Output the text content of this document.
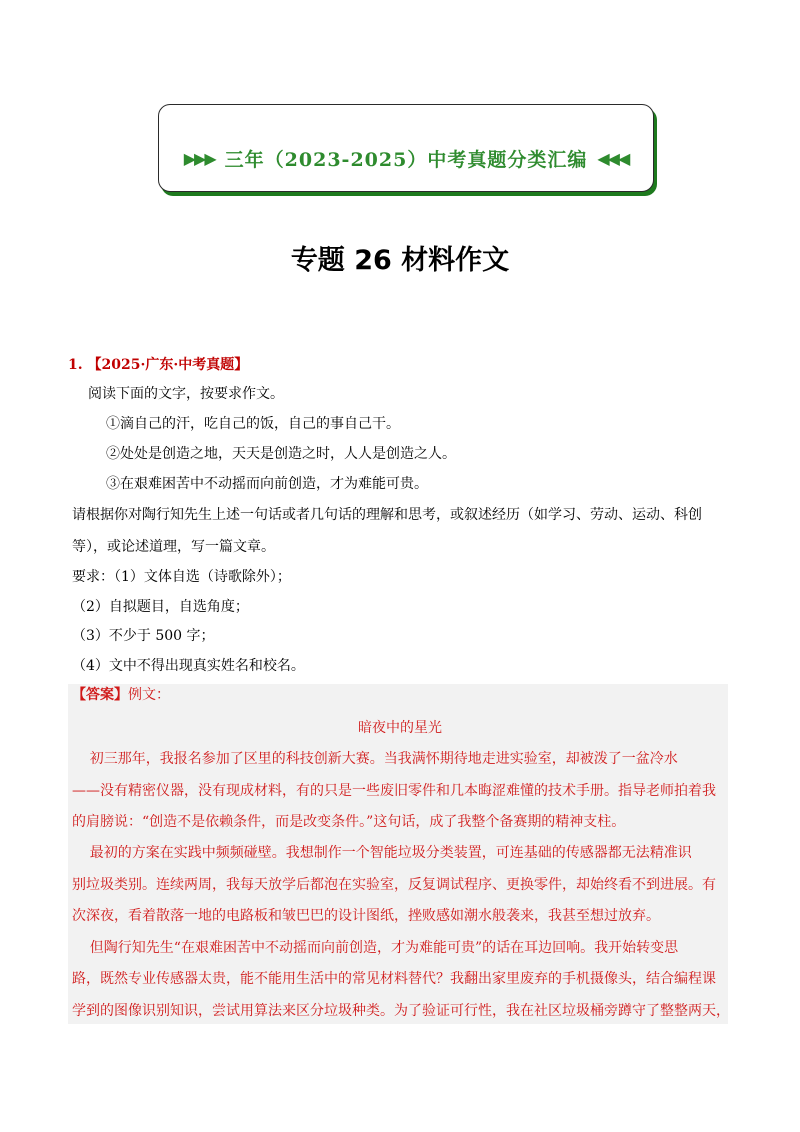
▶▶▶ 三年（2023-2025）中考真题分类汇编 ◀◀◀
专题 26 材料作文
1. 【2025·广东·中考真题】
阅读下面的文字，按要求作文。
①滴自己的汗，吃自己的饭，自己的事自己干。
②处处是创造之地，天天是创造之时，人人是创造之人。
③在艰难困苦中不动摇而向前创造，才为难能可贵。
请根据你对陶行知先生上述一句话或者几句话的理解和思考，或叙述经历（如学习、劳动、运动、科创
等），或论述道理，写一篇文章。
要求：（1）文体自选（诗歌除外）；
（2）自拟题目，自选角度；
（3）不少于 500 字；
（4）文中不得出现真实姓名和校名。
【答案】例文：
暗夜中的星光
初三那年，我报名参加了区里的科技创新大赛。当我满怀期待地走进实验室，却被泼了一盆冷水
——没有精密仪器，没有现成材料，有的只是一些废旧零件和几本晦涩难懂的技术手册。指导老师拍着我
的肩膀说：“创造不是依赖条件，而是改变条件。”这句话，成了我整个备赛期的精神支柱。
最初的方案在实践中频频碰壁。我想制作一个智能垃圾分类装置，可连基础的传感器都无法精准识
别垃圾类别。连续两周，我每天放学后都泡在实验室，反复调试程序、更换零件，却始终看不到进展。有
次深夜，看着散落一地的电路板和皱巴巴的设计图纸，挫败感如潮水般袭来，我甚至想过放弃。
但陶行知先生“在艰难困苦中不动摇而向前创造，才为难能可贵”的话在耳边回响。我开始转变思
路，既然专业传感器太贵，能不能用生活中的常见材料替代？我翻出家里废弃的手机摄像头，结合编程课
学到的图像识别知识，尝试用算法来区分垃圾种类。为了验证可行性，我在社区垃圾桶旁蹲守了整整两天，
